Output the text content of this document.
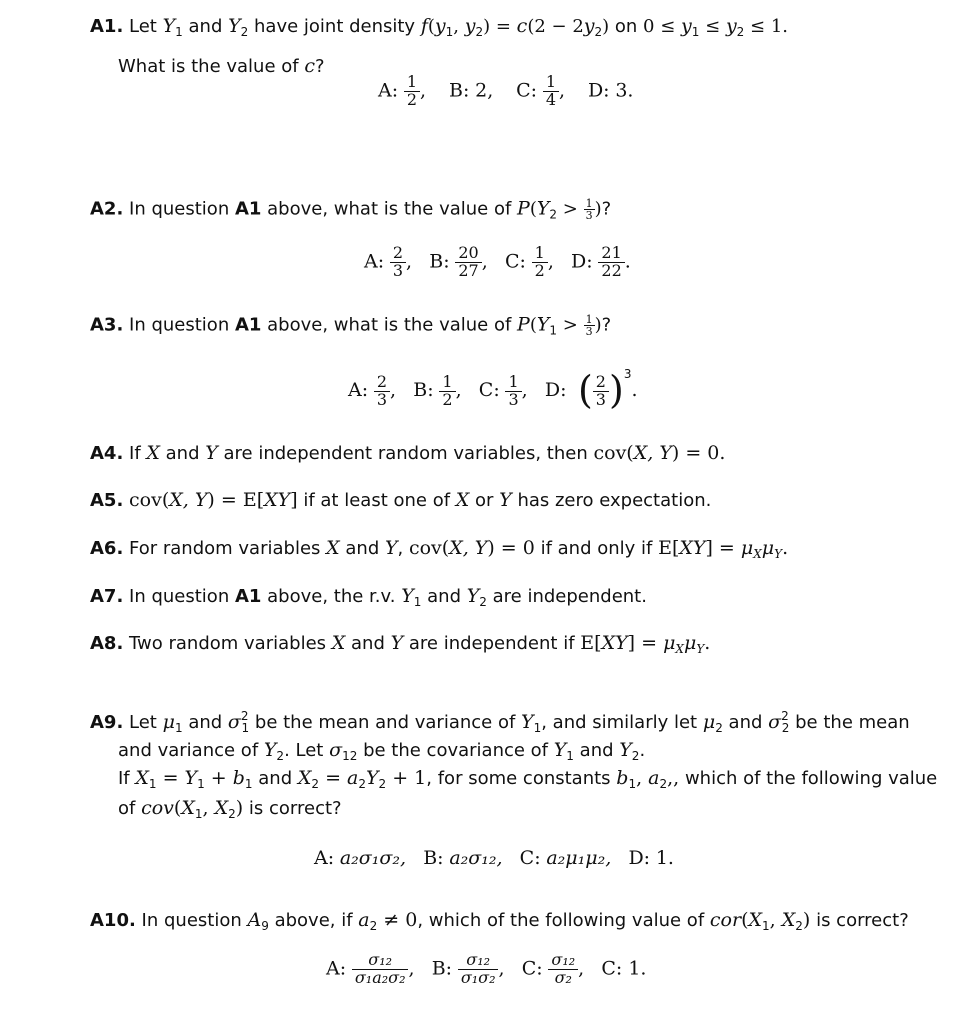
A1. Let $Y_1$ and $Y_2$ have joint density $f(y_1$, $y_2) = c(2 - 2y_2)$ on $0 \le y_1 \le y_2 \le 1$.
What is the value of c?
A: $\frac{1}{2}$ , B: 2, C: $\frac{1}{4}$ , D: 3.
A2. In question A1 above, what is the value of $P(Y_2 > \frac{1}{3}$ )?
A: $\frac{2}{3}$ , B: $\frac{20}{27}$ , C: $\frac{1}{2}$ , D: $\frac{21}{22}$ .
A3. In question A1 above, what is the value of $P(Y_1 > \frac{1}{3}$ )?
A: $\frac{2}{3}$ , B: $\frac{1}{2}$ , C: $\frac{1}{3}$ , D: ( $\frac{2}{3} )^3$.
A4. If X and Y are independent random variables, then cov(X, Y) = 0.
A5. cov(X, Y) = E[XY] if at least one of X or Y has zero expectation.
A6. For random variables X and Y, cov(X, Y) = 0 if and only if $E[XY] = \mu_X\mu_Y$.
A7. In question A1 above, the r.v. $Y_1$ and $Y_2$ are independent.
A8. Two random variables X and Y are independent if $E[XY] = \mu_X\mu_Y$.
A9. Let $\mu_1$ and $\sigma^2_1$ be the mean and variance of $Y_1$, and similarly let $\mu_2$ and $\sigma^2_2$ be the mean
and variance of $Y_2$. Let $\sigma_{12}$ be the covariance of $Y_1$ and $Y_2$.
If $X_1 = Y_1 + b_1$ and $X_2 = a_2Y_2 + 1$, for some constants $b_1$, $a_2$,, which of the following value
of $cov(X_1$, $X_2$) is correct?
A: a₂σ₁σ₂, B: a₂σ₁₂, C: a₂μ₁μ₂, D: 1.
A10. In question $A_9$ above, if $a_2 \ne 0$, which of the following value of $cor(X_1$, $X_2$) is correct?
A: $\frac{\text{σ₁₂}}{\text{σ₁a₂σ₂}}$ , B: $\frac{\text{σ₁₂}}{\text{σ₁σ₂}}$ , C: $\frac{\text{σ₁₂}}{\text{σ₂}}$ , C: 1.
